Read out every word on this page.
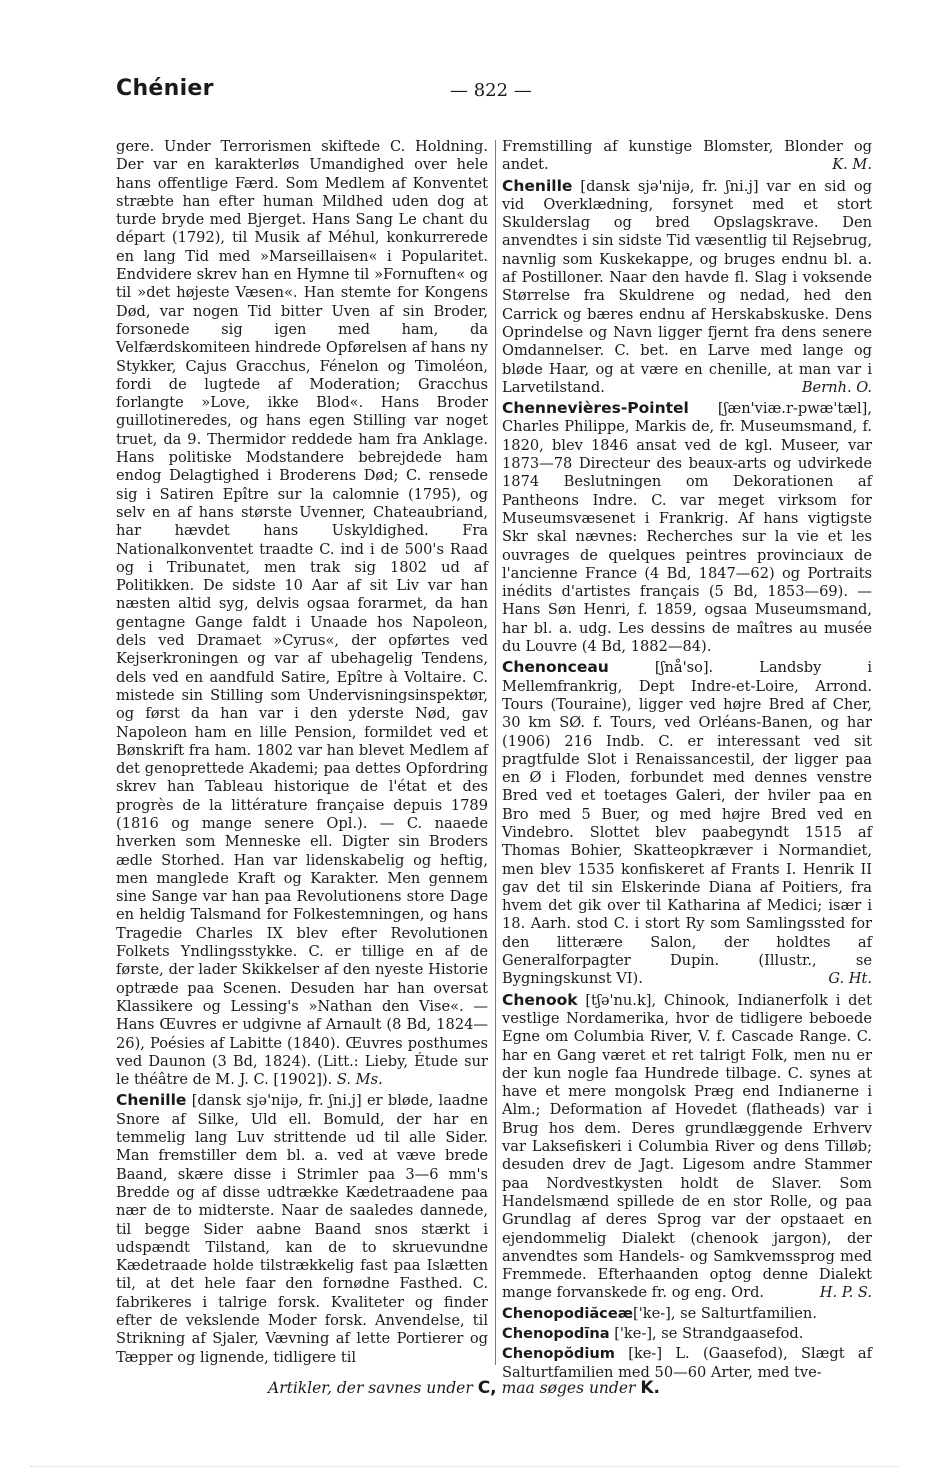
Chénier	— 822 —

gere. Under Terrorismen skiftede C. Holdning. Der var en karakterløs Umandighed over hele hans offentlige Færd. Som Medlem af Konventet stræbte han efter human Mildhed uden dog at turde bryde med Bjerget. Hans Sang Le chant du départ (1792), til Musik af Méhul, konkurrerede en lang Tid med »Marseillaisen« i Popularitet. Endvidere skrev han en Hymne til »Fornuften« og til »det højeste Væsen«. Han stemte for Kongens Død, var nogen Tid bitter Uven af sin Broder, forsonede sig igen med ham, da Velfærdskomiteen hindrede Opførelsen af hans ny Stykker, Cajus Gracchus, Fénelon og Timoléon, fordi de lugtede af Moderation; Gracchus forlangte »Love, ikke Blod«. Hans Broder guillotineredes, og hans egen Stilling var noget truet, da 9. Thermidor reddede ham fra Anklage. Hans politiske Modstandere bebrejdede ham endog Delagtighed i Broderens Død; C. rensede sig i Satiren Epître sur la calomnie (1795), og selv en af hans største Uvenner, Chateaubriand, har hævdet hans Uskyldighed. Fra Nationalkonventet traadte C. ind i de 500's Raad og i Tribunatet, men trak sig 1802 ud af Politikken. De sidste 10 Aar af sit Liv var han næsten altid syg, delvis ogsaa forarmet, da han gentagne Gange faldt i Unaade hos Napoleon, dels ved Dramaet »Cyrus«, der opførtes ved Kejserkroningen og var af ubehagelig Tendens, dels ved en aandfuld Satire, Epître à Voltaire. C. mistede sin Stilling som Undervisningsinspektør, og først da han var i den yderste Nød, gav Napoleon ham en lille Pension, formildet ved et Bønskrift fra ham. 1802 var han blevet Medlem af det genoprettede Akademi; paa dettes Opfordring skrev han Tableau historique de l'état et des progrès de la littérature française depuis 1789 (1816 og mange senere Opl.). — C. naaede hverken som Menneske ell. Digter sin Broders ædle Storhed. Han var lidenskabelig og heftig, men manglede Kraft og Karakter. Men gennem sine Sange var han paa Revolutionens store Dage en heldig Talsmand for Folkestemningen, og hans Tragedie Charles IX blev efter Revolutionen Folkets Yndlingsstykke. C. er tillige en af de første, der lader Skikkelser af den nyeste Historie optræde paa Scenen. Desuden har han oversat Klassikere og Lessing's »Nathan den Vise«. — Hans Œuvres er udgivne af Arnault (8 Bd, 1824—26), Poésies af Labitte (1840). Œuvres posthumes ved Daunon (3 Bd, 1824). (Litt.: Lieby, Étude sur le théâtre de M. J. C. [1902]). S. Ms.

Chenille [dansk sjə'nijə, fr. ʃni.j] er bløde, laadne Snore af Silke, Uld ell. Bomuld, der har en temmelig lang Luv strittende ud til alle Sider. Man fremstiller dem bl. a. ved at væve brede Baand, skære disse i Strimler paa 3—6 mm's Bredde og af disse udtrække Kædetraadene paa nær de to midterste. Naar de saaledes dannede, til begge Sider aabne Baand snos stærkt i udspændt Tilstand, kan de to skruevundne Kædetraade holde tilstrækkelig fast paa Islætten til, at det hele faar den fornødne Fasthed. C. fabrikeres i talrige forsk. Kvaliteter og finder efter de vekslende Moder forsk. Anvendelse, til Strikning af Sjaler, Vævning af lette Portierer og Tæpper og lignende, tidligere til

Fremstilling af kunstige Blomster, Blonder og andet.	K. M.

Chenille [dansk sjə'nijə, fr. ʃni.j] var en sid og vid Overklædning, forsynet med et stort Skulderslag og bred Opslagskrave. Den anvendtes i sin sidste Tid væsentlig til Rejsebrug, navnlig som Kuskekappe, og bruges endnu bl. a. af Postilloner. Naar den havde fl. Slag i voksende Størrelse fra Skuldrene og nedad, hed den Carrick og bæres endnu af Herskabskuske. Dens Oprindelse og Navn ligger fjernt fra dens senere Omdannelser. C. bet. en Larve med lange og bløde Haar, og at være en chenille, at man var i Larvetilstand.	Bernh. O.

Chennevières-Pointel [ʃæn'viæ.r-pwæ'tæl], Charles Philippe, Markis de, fr. Museumsmand, f. 1820, blev 1846 ansat ved de kgl. Museer, var 1873—78 Directeur des beaux-arts og udvirkede 1874 Beslutningen om Dekorationen af Pantheons Indre. C. var meget virksom for Museumsvæsenet i Frankrig. Af hans vigtigste Skr skal nævnes: Recherches sur la vie et les ouvrages de quelques peintres provinciaux de l'ancienne France (4 Bd, 1847—62) og Portraits inédits d'artistes français (5 Bd, 1853—69). — Hans Søn Henri, f. 1859, ogsaa Museumsmand, har bl. a. udg. Les dessins de maîtres au musée du Louvre (4 Bd, 1882—84).

Chenonceau	[ʃnå'so]. Landsby i Mellemfrankrig, Dept Indre-et-Loire, Arrond. Tours (Touraine), ligger ved højre Bred af Cher, 30 km SØ. f. Tours, ved Orléans-Banen, og har (1906) 216 Indb. C. er interessant ved sit pragtfulde Slot i Renaissancestil, der ligger paa en Ø i Floden, forbundet med dennes venstre Bred ved et toetages Galeri, der hviler paa en Bro med 5 Buer, og med højre Bred ved en Vindebro. Slottet blev paabegyndt 1515 af Thomas Bohier, Skatteopkræver i Normandiet, men blev 1535 konfiskeret af Frants I. Henrik II gav det til sin Elskerinde Diana af Poitiers, fra hvem det gik over til Katharina af Medici; især i 18. Aarh. stod C. i stort Ry som Samlingssted for den litterære Salon, der holdtes af Generalforpagter Dupin. (Illustr., se Bygningskunst VI).	G. Ht.

Chenook [tʃə'nu.k], Chinook, Indianerfolk i det vestlige Nordamerika, hvor de tidligere beboede Egne om Columbia River, V. f. Cascade Range. C. har en Gang været et ret talrigt Folk, men nu er der kun nogle faa Hundrede tilbage. C. synes at have et mere mongolsk Præg end Indianerne i Alm.; Deformation af Hovedet (flatheads) var i Brug hos dem. Deres grundlæggende Erhverv var Laksefiskeri i Columbia River og dens Tilløb; desuden drev de Jagt. Ligesom andre Stammer paa Nordvestkysten holdt de Slaver. Som Handelsmænd spillede de en stor Rolle, og paa Grundlag af deres Sprog var der opstaaet en ejendommelig Dialekt (chenook jargon), der anvendtes som Handels- og Samkvemssprog med Fremmede. Efterhaanden optog denne Dialekt mange forvanskede fr. og eng. Ord.	H. P. S.

Chenopodiăceæ['ke-], se Salturtfamilien.

Chenopodīna ['ke-], se Strandgaasefod.

Chenopŏdium [ke-] L. (Gaasefod), Slægt af Salturtfamilien med 50—60 Arter, med tve-

Artikler, der savnes under C, maa søges under K.
